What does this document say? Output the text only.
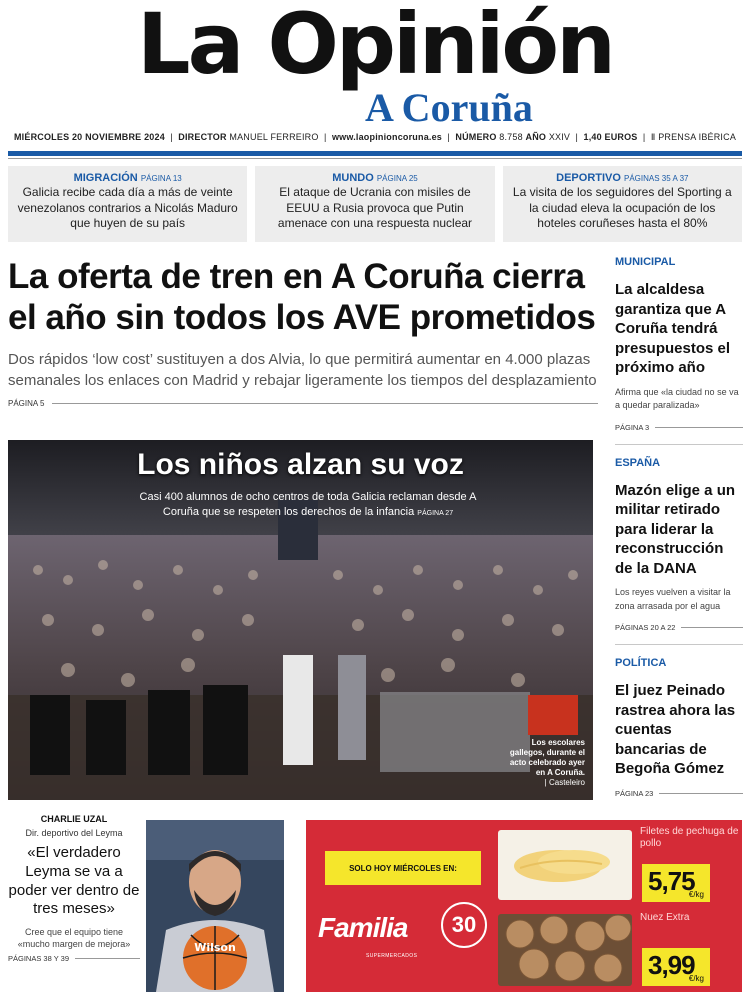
La Opinión
A Coruña
MIÉRCOLES 20 NOVIEMBRE 2024  |  DIRECTOR MANUEL FERREIRO  |  www.laopinioncoruna.es  |  NÚMERO 8.758 AÑO XXIV  |  1,40 EUROS  |  Ⅱ PRENSA IBÉRICA
MIGRACIÓN PÁGINA 13
Galicia recibe cada día a más de veinte venezolanos contrarios a Nicolás Maduro que huyen de su país
MUNDO PÁGINA 25
El ataque de Ucrania con misiles de EEUU a Rusia provoca que Putin amenace con una respuesta nuclear
DEPORTIVO PÁGINAS 35 A 37
La visita de los seguidores del Sporting a la ciudad eleva la ocupación de los hoteles coruñeses hasta el 80%
La oferta de tren en A Coruña cierra el año sin todos los AVE prometidos

Dos rápidos ‘low cost’ sustituyen a dos Alvia, lo que permitirá aumentar en 4.000 plazas semanales los enlaces con Madrid y rebajar ligeramente los tiempos del desplazamiento

PÁGINA 5
Los niños alzan su voz
Casi 400 alumnos de ocho centros de toda Galicia reclaman desde A Coruña que se respeten los derechos de la infancia PÁGINA 27
Los escolares gallegos, durante el acto celebrado ayer en A Coruña.
| Casteleiro
MUNICIPAL
La alcaldesa garantiza que A Coruña tendrá presupuestos el próximo año
Afirma que «la ciudad no se va a quedar paralizada»
PÁGINA 3
ESPAÑA
Mazón elige a un militar retirado para liderar la reconstrucción de la DANA
Los reyes vuelven a visitar la zona arrasada por el agua
PÁGINAS 20 A 22
POLÍTICA
El juez Peinado rastrea ahora las cuentas bancarias de Begoña Gómez
PÁGINA 23
CHARLIE UZAL
Dir. deportivo del Leyma
«El verdadero Leyma se va a poder ver dentro de tres meses»
Cree que el equipo tiene «mucho margen de mejora»
PÁGINAS 38 Y 39
Wilson
SOLO HOY MIÉRCOLES EN:
Familia	30
SUPERMERCADOS
Filetes de pechuga de pollo
5,75
€/kg
Nuez Extra
3,99
€/kg
